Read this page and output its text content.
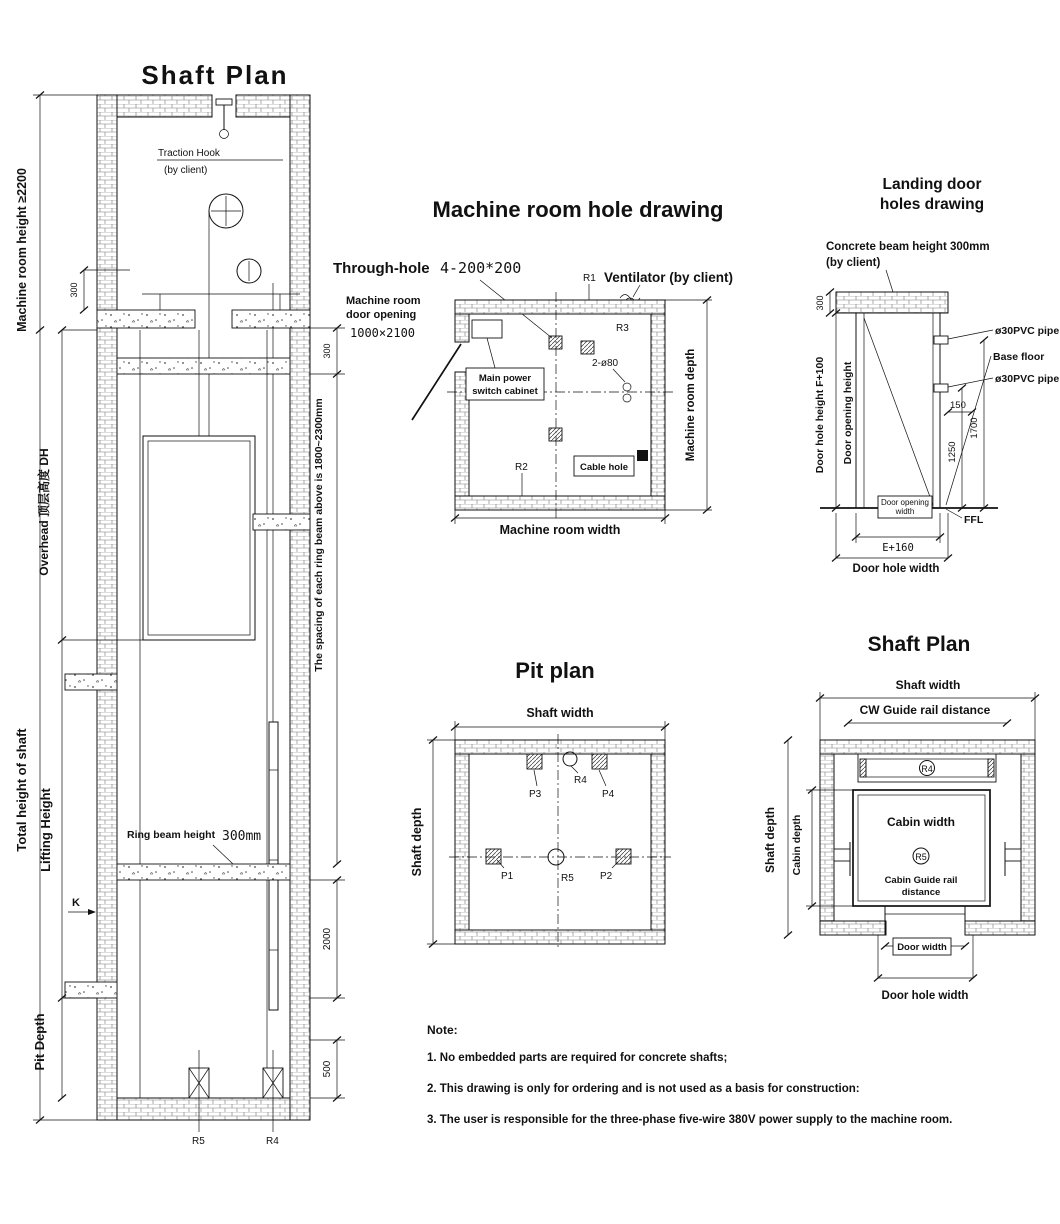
Shaft Plan
Traction Hook
(by client)
Ring beam height 300mm
K
R5	R4
Machine room height ≥2200
Total height of shaft
300
Overhead 顶层高度 DH
Lifting Height
Pit Depth
300
The spacing of each ring beam above is 1800~2300mm
2000
500
Machine room hole drawing
Through-hole 4-200*200
R1 Ventilator (by client)
R3
Machine room
door opening
1000×2100
Main power
switch cabinet
2-ø80
R2	Cable hole
Machine room width
Machine room depth
Landing door
holes drawing
Concrete beam height 300mm
(by client)
ø30PVC pipe
Base floor
ø30PVC pipe
300
Door hole height F+100 Door opening height	150
1250
1700
Door opening
width
FFL
E+160
Door hole width
Pit plan
Shaft width
P3
R4
P4
P1	R5	P2
Shaft depth
Shaft Plan
Shaft width
CW Guide rail distance
R4
Cabin width
R5
Cabin Guide rail
distance
Door width
Door hole width
Shaft depth Cabin depth
Note:
1. No embedded parts are required for concrete shafts;
2. This drawing is only for ordering and is not used as a basis for construction:
3. The user is responsible for the three-phase five-wire 380V power supply to the machine room.
